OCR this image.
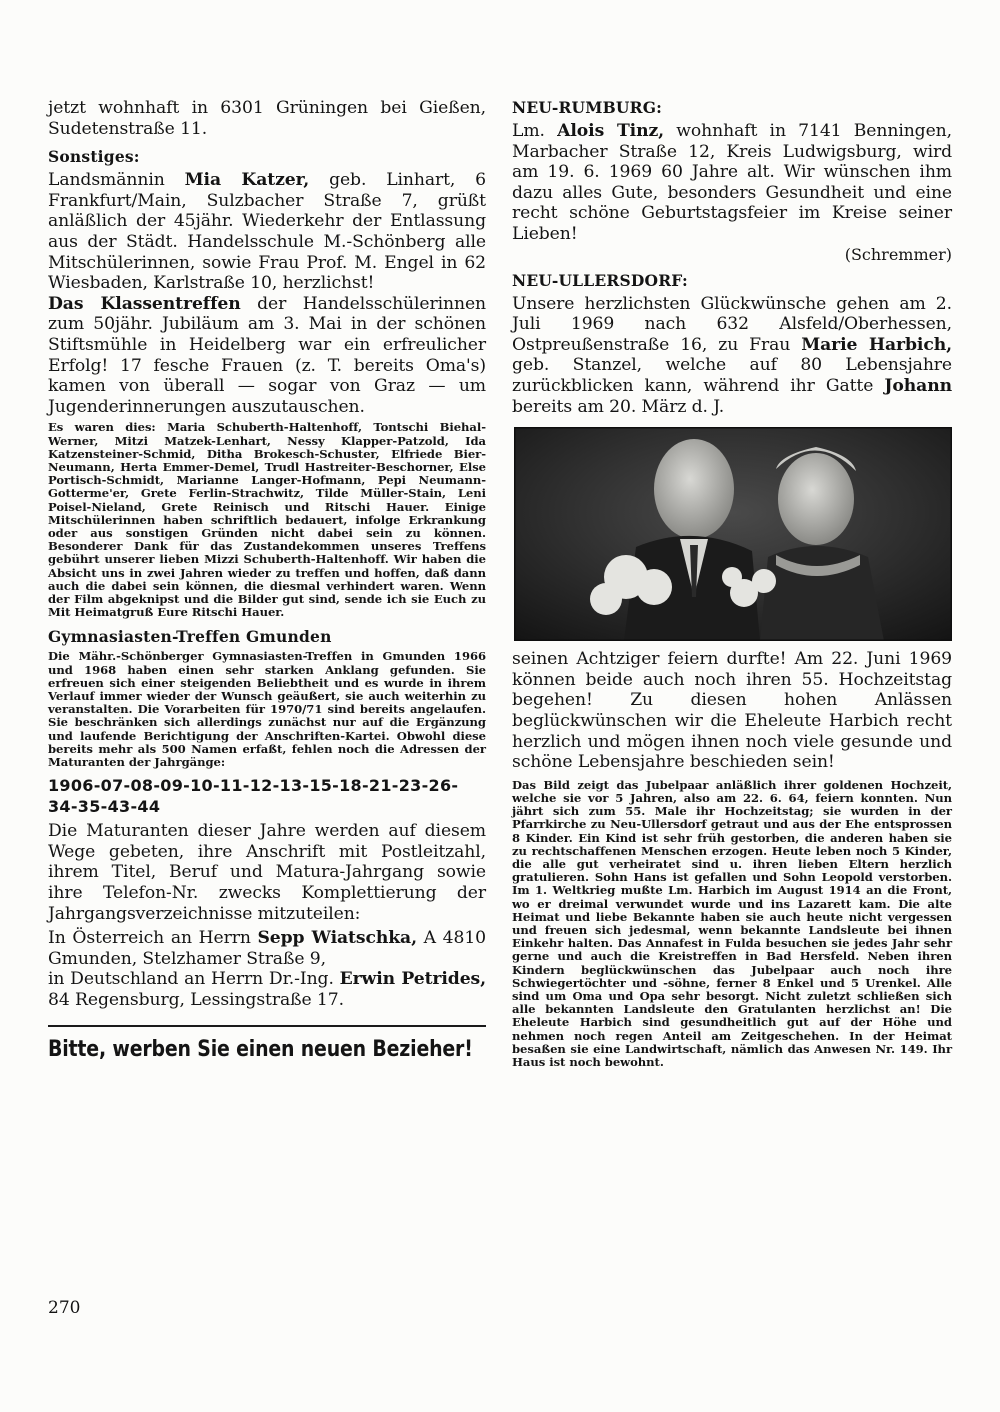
jetzt wohnhaft in 6301 Grüningen bei Gießen, Sudetenstraße 11.

Sonstiges:

Landsmännin Mia Katzer, geb. Linhart, 6 Frankfurt/Main, Sulzbacher Straße 7, grüßt anläßlich der 45jähr. Wiederkehr der Entlassung aus der Städt. Handelsschule M.-Schönberg alle Mitschülerinnen, sowie Frau Prof. M. Engel in 62 Wiesbaden, Karlstraße 10, herzlichst!

Das Klassentreffen der Handelsschülerinnen zum 50jähr. Jubiläum am 3. Mai in der schönen Stiftsmühle in Heidelberg war ein erfreulicher Erfolg! 17 fesche Frauen (z. T. bereits Oma's) kamen von überall — sogar von Graz — um Jugenderinnerungen auszutauschen.

Es waren dies: Maria Schuberth-Haltenhoff, Tontschi Biehal-Werner, Mitzi Matzek-Lenhart, Nessy Klapper-Patzold, Ida Katzensteiner-Schmid, Ditha Brokesch-Schuster, Elfriede Bier-Neumann, Herta Emmer-Demel, Trudl Hastreiter-Beschorner, Else Portisch-Schmidt, Marianne Langer-Hofmann, Pepi Neumann-Gotterme'er, Grete Ferlin-Strachwitz, Tilde Müller-Stain, Leni Poisel-Nieland, Grete Reinisch und Ritschi Hauer. Einige Mitschülerinnen haben schriftlich bedauert, infolge Erkrankung oder aus sonstigen Gründen nicht dabei sein zu können. Besonderer Dank für das Zustandekommen unseres Treffens gebührt unserer lieben Mizzi Schuberth-Haltenhoff. Wir haben die Absicht uns in zwei Jahren wieder zu treffen und hoffen, daß dann auch die dabei sein können, die diesmal verhindert waren. Wenn der Film abgeknipst und die Bilder gut sind, sende ich sie Euch zu Mit Heimatgruß Eure Ritschi Hauer.

Gymnasiasten-Treffen Gmunden

Die Mähr.-Schönberger Gymnasiasten-Treffen in Gmunden 1966 und 1968 haben einen sehr starken Anklang gefunden. Sie erfreuen sich einer steigenden Beliebtheit und es wurde in ihrem Verlauf immer wieder der Wunsch geäußert, sie auch weiterhin zu veranstalten. Die Vorarbeiten für 1970/71 sind bereits angelaufen. Sie beschränken sich allerdings zunächst nur auf die Ergänzung und laufende Berichtigung der Anschriften-Kartei. Obwohl diese bereits mehr als 500 Namen erfaßt, fehlen noch die Adressen der Maturanten der Jahrgänge:

1906-07-08-09-10-11-12-13-15-18-21-23-26-34-35-43-44

Die Maturanten dieser Jahre werden auf diesem Wege gebeten, ihre Anschrift mit Postleitzahl, ihrem Titel, Beruf und Matura-Jahrgang sowie ihre Telefon-Nr. zwecks Komplettierung der Jahrgangsverzeichnisse mitzuteilen:

In Österreich an Herrn Sepp Wiatschka, A 4810 Gmunden, Stelzhamer Straße 9,

in Deutschland an Herrn Dr.-Ing. Erwin Petrides, 84 Regensburg, Lessingstraße 17.

Bitte, werben Sie einen neuen Bezieher!

NEU-RUMBURG:

Lm. Alois Tinz, wohnhaft in 7141 Benningen, Marbacher Straße 12, Kreis Ludwigsburg, wird am 19. 6. 1969 60 Jahre alt. Wir wünschen ihm dazu alles Gute, besonders Gesundheit und eine recht schöne Geburtstagsfeier im Kreise seiner Lieben!

(Schremmer)

NEU-ULLERSDORF:

Unsere herzlichsten Glückwünsche gehen am 2. Juli 1969 nach 632 Alsfeld/Oberhessen, Ostpreußenstraße 16, zu Frau Marie Harbich, geb. Stanzel, welche auf 80 Lebensjahre zurückblicken kann, während ihr Gatte Johann bereits am 20. März d. J.

seinen Achtziger feiern durfte! Am 22. Juni 1969 können beide auch noch ihren 55. Hochzeitstag begehen! Zu diesen hohen Anlässen beglückwünschen wir die Eheleute Harbich recht herzlich und mögen ihnen noch viele gesunde und schöne Lebensjahre beschieden sein!

Das Bild zeigt das Jubelpaar anläßlich ihrer goldenen Hochzeit, welche sie vor 5 Jahren, also am 22. 6. 64, feiern konnten. Nun jährt sich zum 55. Male ihr Hochzeitstag; sie wurden in der Pfarrkirche zu Neu-Ullersdorf getraut und aus der Ehe entsprossen 8 Kinder. Ein Kind ist sehr früh gestorben, die anderen haben sie zu rechtschaffenen Menschen erzogen. Heute leben noch 5 Kinder, die alle gut verheiratet sind u. ihren lieben Eltern herzlich gratulieren. Sohn Hans ist gefallen und Sohn Leopold verstorben. Im 1. Weltkrieg mußte Lm. Harbich im August 1914 an die Front, wo er dreimal verwundet wurde und ins Lazarett kam. Die alte Heimat und liebe Bekannte haben sie auch heute nicht vergessen und freuen sich jedesmal, wenn bekannte Landsleute bei ihnen Einkehr halten. Das Annafest in Fulda besuchen sie jedes Jahr sehr gerne und auch die Kreistreffen in Bad Hersfeld. Neben ihren Kindern beglückwünschen das Jubelpaar auch noch ihre Schwiegertöchter und -söhne, ferner 8 Enkel und 5 Urenkel. Alle sind um Oma und Opa sehr besorgt. Nicht zuletzt schließen sich alle bekannten Landsleute den Gratulanten herzlichst an! Die Eheleute Harbich sind gesundheitlich gut auf der Höhe und nehmen noch regen Anteil am Zeitgeschehen. In der Heimat besaßen sie eine Landwirtschaft, nämlich das Anwesen Nr. 149. Ihr Haus ist noch bewohnt.

270
